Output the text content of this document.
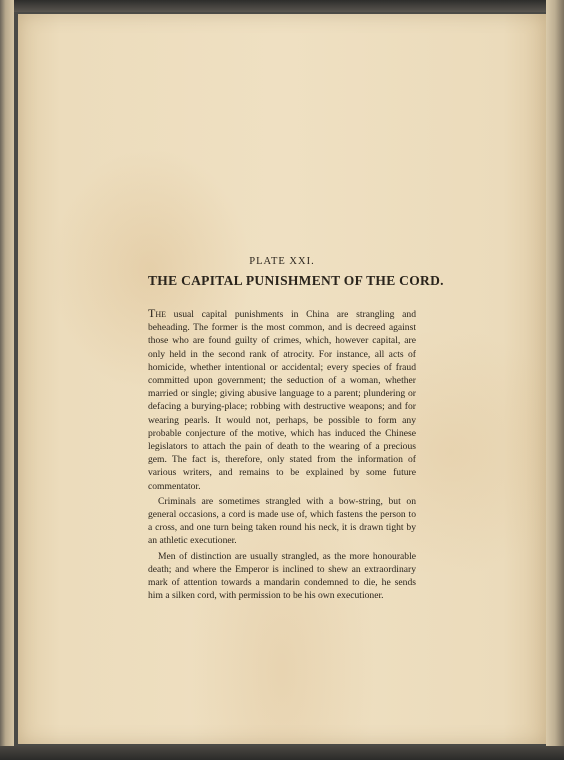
PLATE XXI.
THE CAPITAL PUNISHMENT OF THE CORD.

The usual capital punishments in China are strangling and beheading. The former is the most common, and is decreed against those who are found guilty of crimes, which, however capital, are only held in the second rank of atrocity. For instance, all acts of homicide, whether intentional or accidental; every species of fraud committed upon government; the seduction of a woman, whether married or single; giving abusive language to a parent; plundering or defacing a burying-place; robbing with destructive weapons; and for wearing pearls. It would not, perhaps, be possible to form any probable conjecture of the motive, which has induced the Chinese legislators to attach the pain of death to the wearing of a precious gem. The fact is, therefore, only stated from the information of various writers, and remains to be explained by some future commentator.

Criminals are sometimes strangled with a bow-string, but on general occasions, a cord is made use of, which fastens the person to a cross, and one turn being taken round his neck, it is drawn tight by an athletic executioner.

Men of distinction are usually strangled, as the more honourable death; and where the Emperor is inclined to shew an extraordinary mark of attention towards a mandarin condemned to die, he sends him a silken cord, with permission to be his own executioner.
